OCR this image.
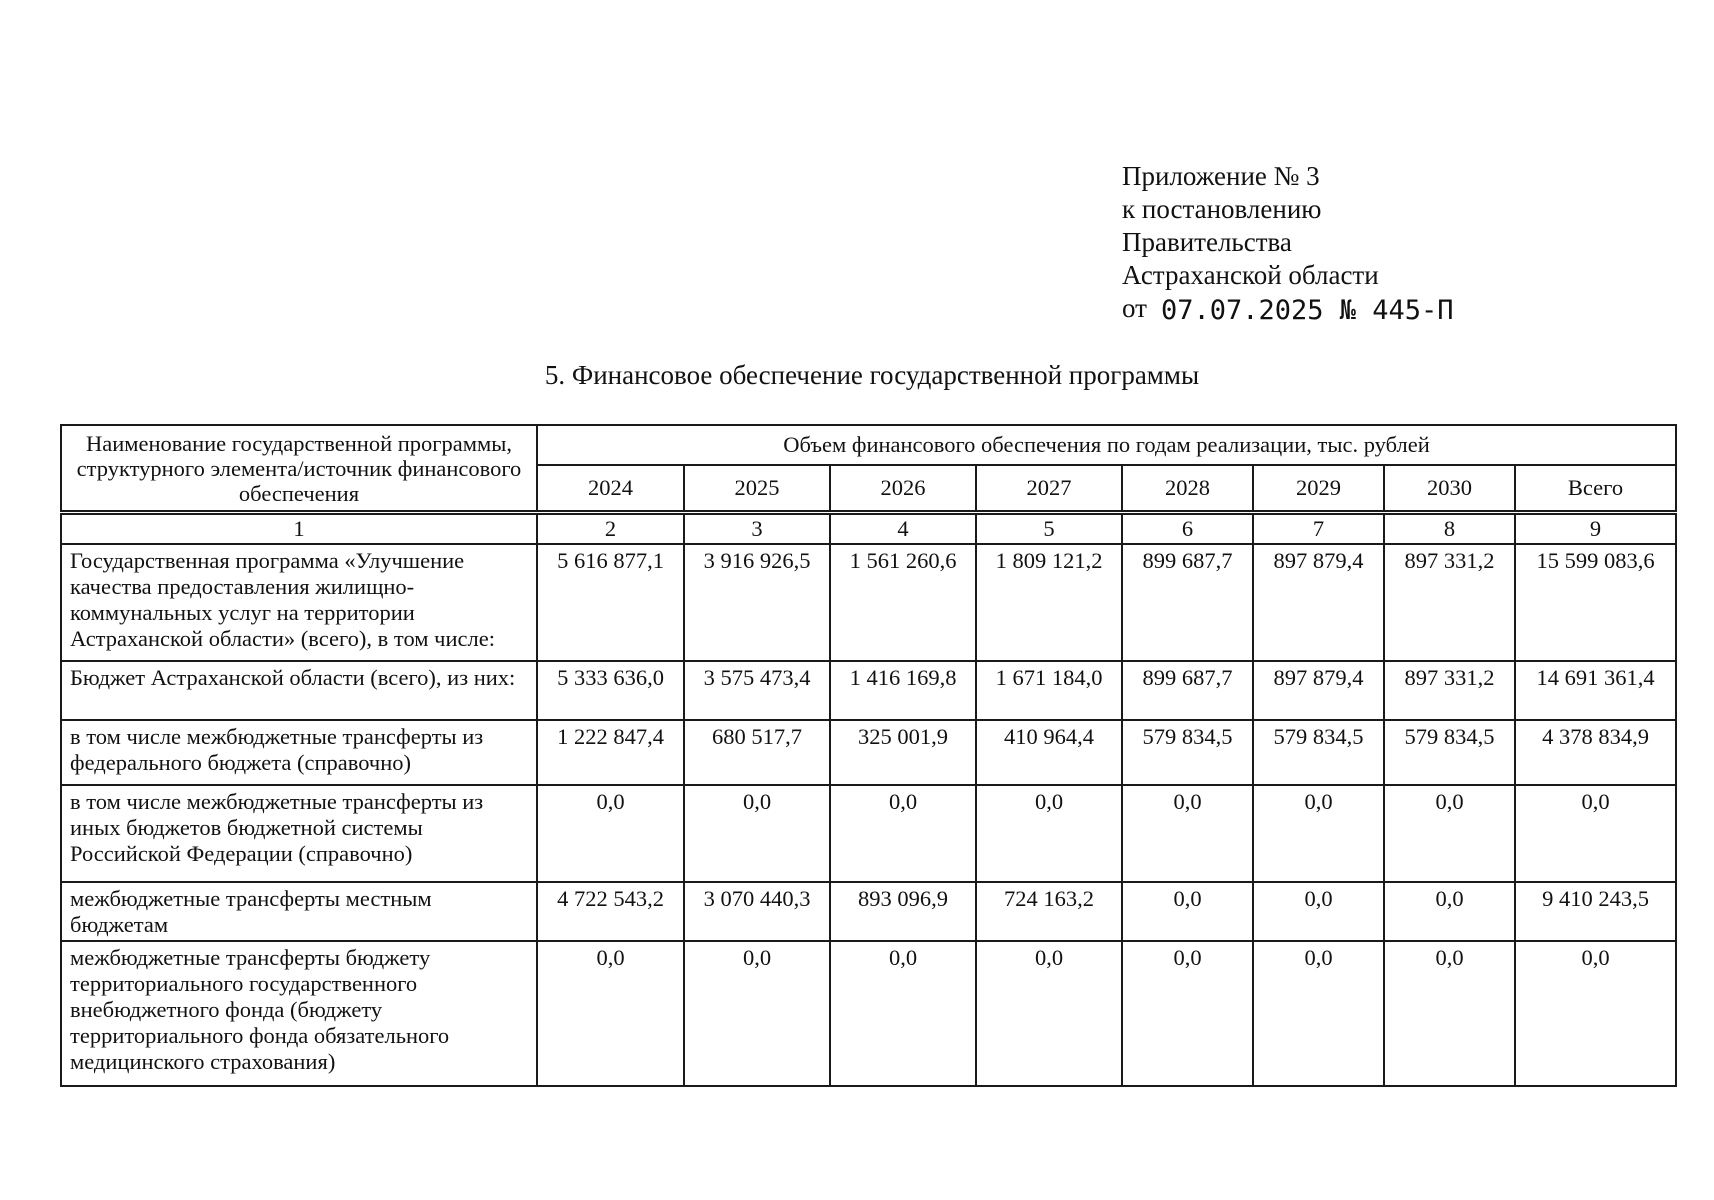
Приложение № 3
к постановлению
Правительства
Астраханской области
от 07.07.2025 № 445-П
5. Финансовое обеспечение государственной программы
Наименование государственной программы, структурного элемента/источник финансового обеспечения	Объем финансового обеспечения по годам реализации, тыс. рублей							
	2024	2025	2026	2027	2028	2029	2030	Всего
1	2	3	4	5	6	7	8	9
Государственная программа «Улучшение качества предоставления жилищно-коммунальных услуг на территории Астраханской области» (всего), в том числе:	5 616 877,1	3 916 926,5	1 561 260,6	1 809 121,2	899 687,7	897 879,4	897 331,2	15 599 083,6
Бюджет Астраханской области (всего), из них:	5 333 636,0	3 575 473,4	1 416 169,8	1 671 184,0	899 687,7	897 879,4	897 331,2	14 691 361,4
в том числе межбюджетные трансферты из федерального бюджета (справочно)	1 222 847,4	680 517,7	325 001,9	410 964,4	579 834,5	579 834,5	579 834,5	4 378 834,9
в том числе межбюджетные трансферты из иных бюджетов бюджетной системы Российской Федерации (справочно)	0,0	0,0	0,0	0,0	0,0	0,0	0,0	0,0
межбюджетные трансферты местным бюджетам	4 722 543,2	3 070 440,3	893 096,9	724 163,2	0,0	0,0	0,0	9 410 243,5
межбюджетные трансферты бюджету территориального государственного внебюджетного фонда (бюджету территориального фонда обязательного медицинского страхования)	0,0	0,0	0,0	0,0	0,0	0,0	0,0	0,0
